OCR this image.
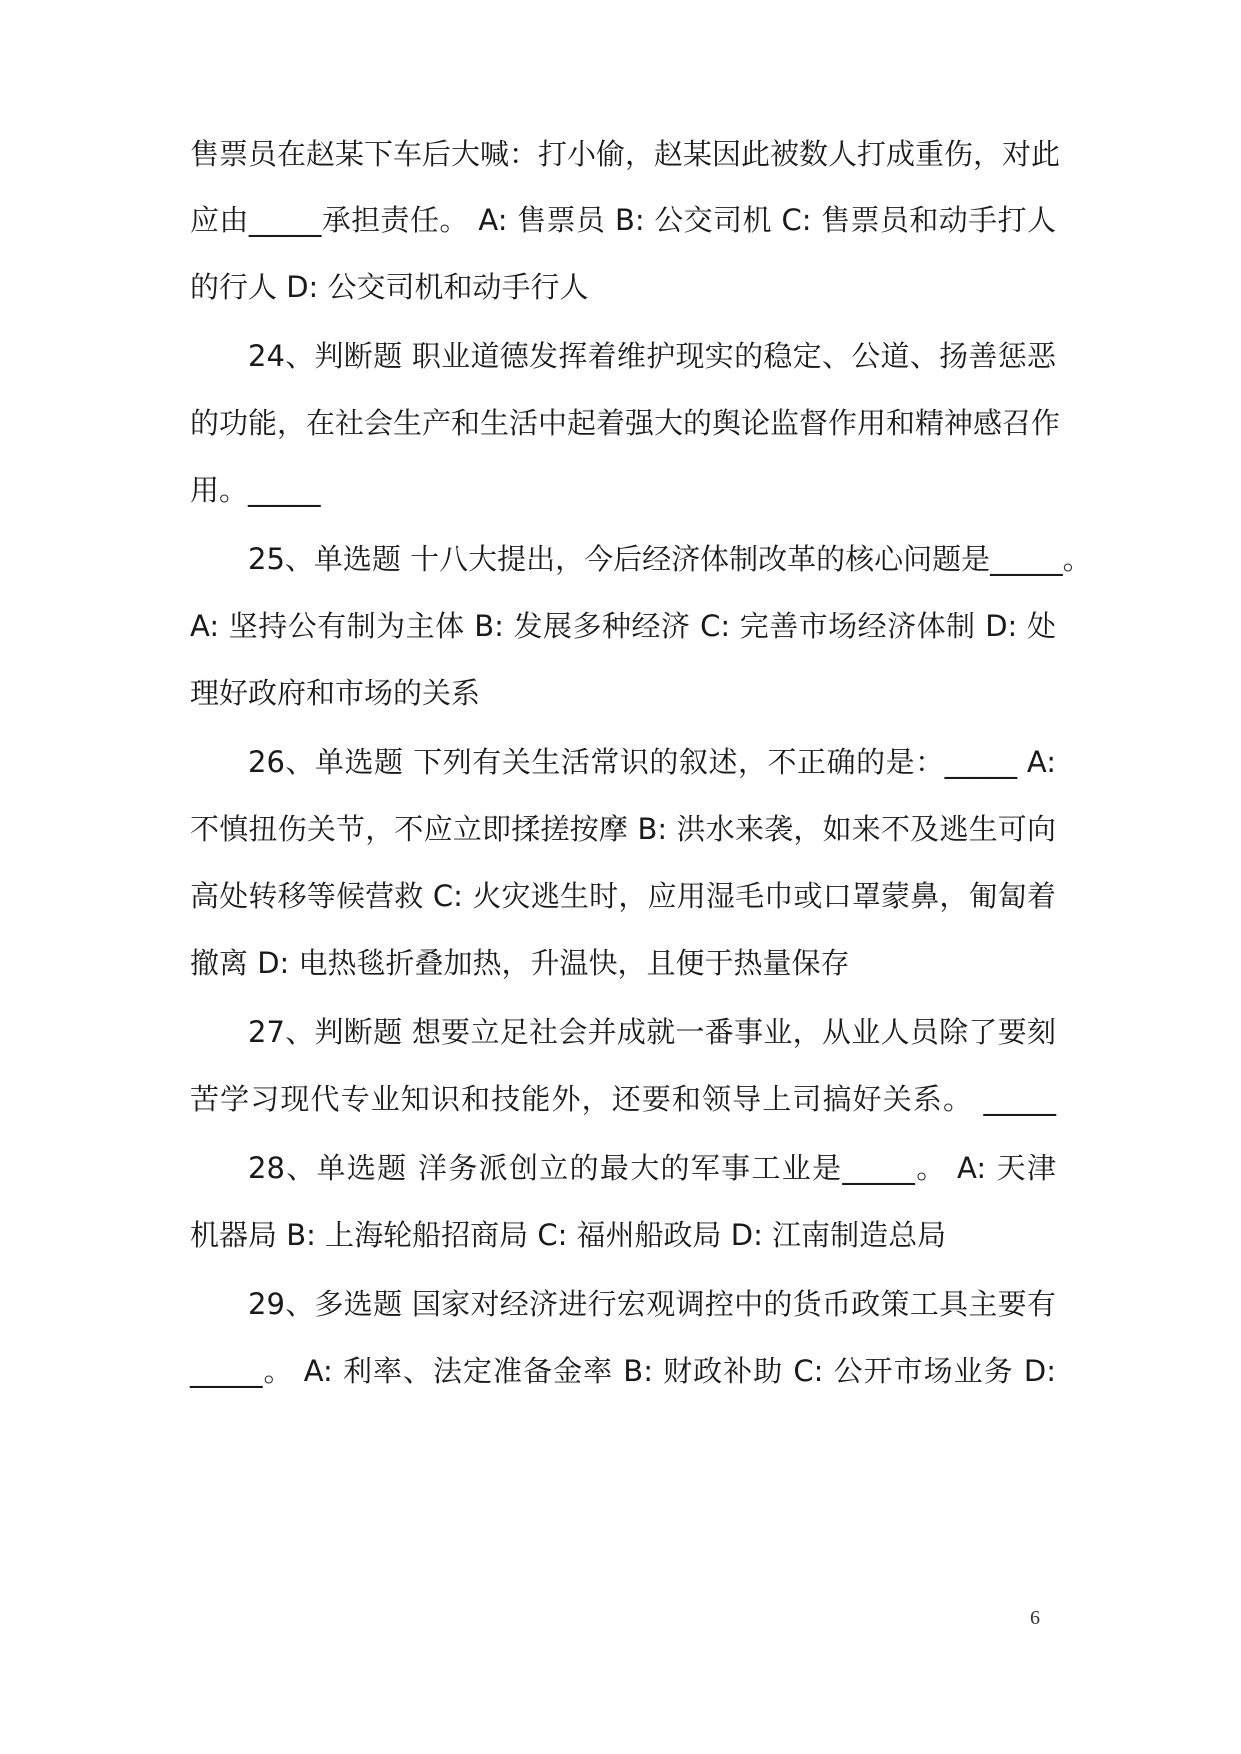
售票员在赵某下车后大喊：打小偷，赵某因此被数人打成重伤，对此
应由_____承担责任。 A: 售票员 B: 公交司机 C: 售票员和动手打人
的行人 D: 公交司机和动手行人
24、判断题 职业道德发挥着维护现实的稳定、公道、扬善惩恶
的功能，在社会生产和生活中起着强大的舆论监督作用和精神感召作
用。_____
25、单选题 十八大提出，今后经济体制改革的核心问题是_____。
A: 坚持公有制为主体 B: 发展多种经济 C: 完善市场经济体制 D: 处
理好政府和市场的关系
26、单选题 下列有关生活常识的叙述，不正确的是：_____ A:
不慎扭伤关节，不应立即揉搓按摩 B: 洪水来袭，如来不及逃生可向
高处转移等候营救 C: 火灾逃生时，应用湿毛巾或口罩蒙鼻，匍匐着
撤离 D: 电热毯折叠加热，升温快，且便于热量保存
27、判断题 想要立足社会并成就一番事业，从业人员除了要刻
苦学习现代专业知识和技能外，还要和领导上司搞好关系。 _____
28、单选题 洋务派创立的最大的军事工业是_____。 A: 天津
机器局 B: 上海轮船招商局 C: 福州船政局 D: 江南制造总局
29、多选题 国家对经济进行宏观调控中的货币政策工具主要有
_____。 A: 利率、法定准备金率 B: 财政补助 C: 公开市场业务 D:
6
